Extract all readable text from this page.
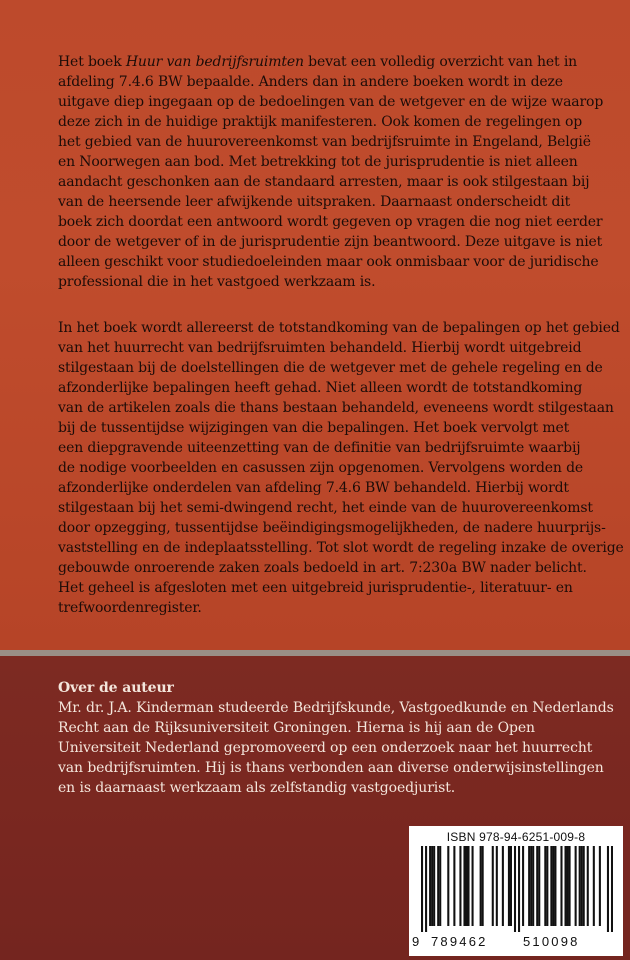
Het boek Huur van bedrijfsruimten bevat een volledig overzicht van het in
afdeling 7.4.6 BW bepaalde. Anders dan in andere boeken wordt in deze
uitgave diep ingegaan op de bedoelingen van de wetgever en de wijze waarop
deze zich in de huidige praktijk manifesteren. Ook komen de regelingen op
het gebied van de huurovereenkomst van bedrijfsruimte in Engeland, België
en Noorwegen aan bod. Met betrekking tot de jurisprudentie is niet alleen
aandacht geschonken aan de standaard arresten, maar is ook stilgestaan bij
van de heersende leer afwijkende uitspraken. Daarnaast onderscheidt dit
boek zich doordat een antwoord wordt gegeven op vragen die nog niet eerder
door de wetgever of in de jurisprudentie zijn beantwoord. Deze uitgave is niet
alleen geschikt voor studiedoeleinden maar ook onmisbaar voor de juridische
professional die in het vastgoed werkzaam is.
In het boek wordt allereerst de totstandkoming van de bepalingen op het gebied
van het huurrecht van bedrijfsruimten behandeld. Hierbij wordt uitgebreid
stilgestaan bij de doelstellingen die de wetgever met de gehele regeling en de
afzonderlijke bepalingen heeft gehad. Niet alleen wordt de totstandkoming
van de artikelen zoals die thans bestaan behandeld, eveneens wordt stilgestaan
bij de tussentijdse wijzigingen van die bepalingen. Het boek vervolgt met
een diepgravende uiteenzetting van de definitie van bedrijfsruimte waarbij
de nodige voorbeelden en casussen zijn opgenomen. Vervolgens worden de
afzonderlijke onderdelen van afdeling 7.4.6 BW behandeld. Hierbij wordt
stilgestaan bij het semi-dwingend recht, het einde van de huurovereenkomst
door opzegging, tussentijdse beëindigingsmogelijkheden, de nadere huurprijs-
vaststelling en de indeplaatsstelling. Tot slot wordt de regeling inzake de overige
gebouwde onroerende zaken zoals bedoeld in art. 7:230a BW nader belicht.
Het geheel is afgesloten met een uitgebreid jurisprudentie-, literatuur- en
trefwoordenregister.
Over de auteur
Mr. dr. J.A. Kinderman studeerde Bedrijfskunde, Vastgoedkunde en Nederlands
Recht aan de Rijksuniversiteit Groningen. Hierna is hij aan de Open
Universiteit Nederland gepromoveerd op een onderzoek naar het huurrecht
van bedrijfsruimten. Hij is thans verbonden aan diverse onderwijsinstellingen
en is daarnaast werkzaam als zelfstandig vastgoedjurist.
ISBN 978-94-6251-009-8
9 789462	510098
